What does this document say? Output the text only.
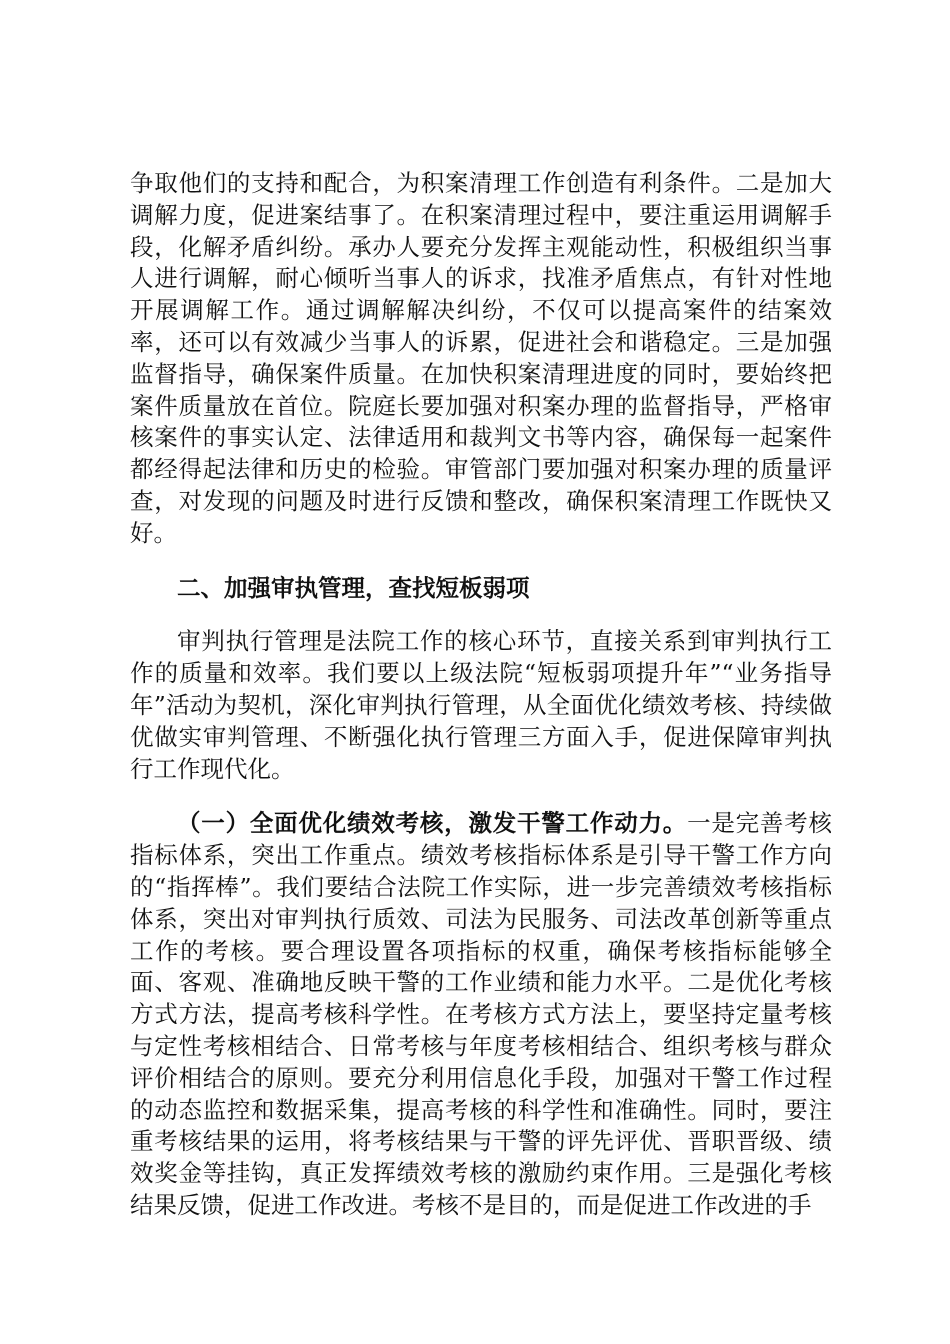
争取他们的支持和配合，为积案清理工作创造有利条件。二是加大调解力度，促进案结事了。在积案清理过程中，要注重运用调解手段，化解矛盾纠纷。承办人要充分发挥主观能动性，积极组织当事人进行调解，耐心倾听当事人的诉求，找准矛盾焦点，有针对性地开展调解工作。通过调解解决纠纷，不仅可以提高案件的结案效率，还可以有效减少当事人的诉累，促进社会和谐稳定。三是加强监督指导，确保案件质量。在加快积案清理进度的同时，要始终把案件质量放在首位。院庭长要加强对积案办理的监督指导，严格审核案件的事实认定、法律适用和裁判文书等内容，确保每一起案件都经得起法律和历史的检验。审管部门要加强对积案办理的质量评查，对发现的问题及时进行反馈和整改，确保积案清理工作既快又好。

二、加强审执管理，查找短板弱项

审判执行管理是法院工作的核心环节，直接关系到审判执行工作的质量和效率。我们要以上级法院“短板弱项提升年”“业务指导年”活动为契机，深化审判执行管理，从全面优化绩效考核、持续做优做实审判管理、不断强化执行管理三方面入手，促进保障审判执行工作现代化。

（一）全面优化绩效考核，激发干警工作动力。一是完善考核指标体系，突出工作重点。绩效考核指标体系是引导干警工作方向的“指挥棒”。我们要结合法院工作实际，进一步完善绩效考核指标体系，突出对审判执行质效、司法为民服务、司法改革创新等重点工作的考核。要合理设置各项指标的权重，确保考核指标能够全面、客观、准确地反映干警的工作业绩和能力水平。二是优化考核方式方法，提高考核科学性。在考核方式方法上，要坚持定量考核与定性考核相结合、日常考核与年度考核相结合、组织考核与群众评价相结合的原则。要充分利用信息化手段，加强对干警工作过程的动态监控和数据采集，提高考核的科学性和准确性。同时，要注重考核结果的运用，将考核结果与干警的评先评优、晋职晋级、绩效奖金等挂钩，真正发挥绩效考核的激励约束作用。三是强化考核结果反馈，促进工作改进。考核不是目的，而是促进工作改进的手
